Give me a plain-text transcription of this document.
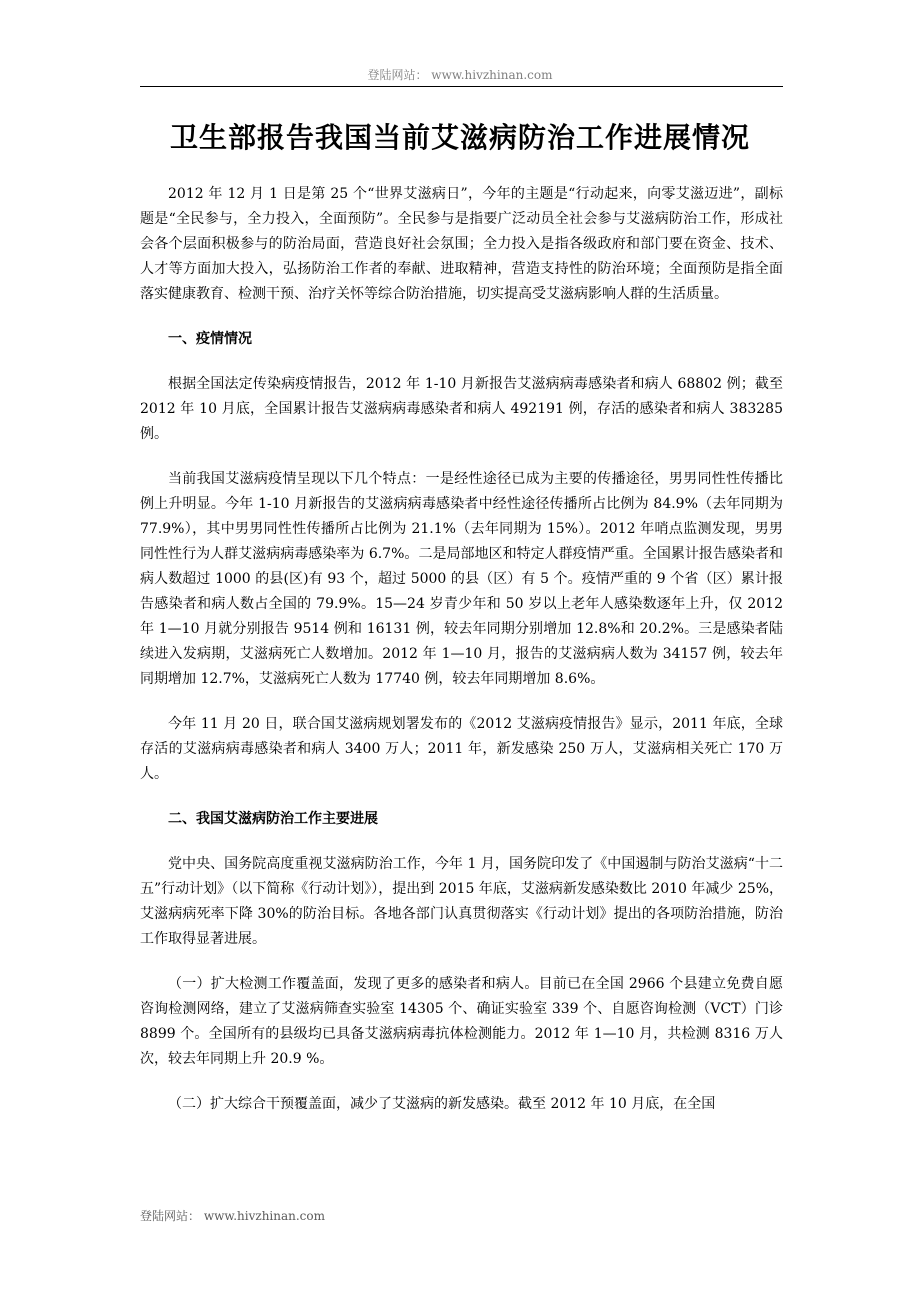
登陆网站： www.hivzhinan.com
卫生部报告我国当前艾滋病防治工作进展情况

2012 年 12 月 1 日是第 25 个“世界艾滋病日”，今年的主题是“行动起来，向零艾滋迈进”，副标题是“全民参与，全力投入，全面预防”。全民参与是指要广泛动员全社会参与艾滋病防治工作，形成社会各个层面积极参与的防治局面，营造良好社会氛围；全力投入是指各级政府和部门要在资金、技术、人才等方面加大投入，弘扬防治工作者的奉献、进取精神，营造支持性的防治环境；全面预防是指全面落实健康教育、检测干预、治疗关怀等综合防治措施，切实提高受艾滋病影响人群的生活质量。

一、疫情情况

根据全国法定传染病疫情报告，2012 年 1-10 月新报告艾滋病病毒感染者和病人 68802 例；截至 2012 年 10 月底，全国累计报告艾滋病病毒感染者和病人 492191 例，存活的感染者和病人 383285 例。

当前我国艾滋病疫情呈现以下几个特点：一是经性途径已成为主要的传播途径，男男同性性传播比例上升明显。今年 1-10 月新报告的艾滋病病毒感染者中经性途径传播所占比例为 84.9%（去年同期为 77.9%），其中男男同性性传播所占比例为 21.1%（去年同期为 15%）。2012 年哨点监测发现，男男同性性行为人群艾滋病病毒感染率为 6.7%。二是局部地区和特定人群疫情严重。全国累计报告感染者和病人数超过 1000 的县(区)有 93 个，超过 5000 的县（区）有 5 个。疫情严重的 9 个省（区）累计报告感染者和病人数占全国的 79.9%。15—24 岁青少年和 50 岁以上老年人感染数逐年上升，仅 2012 年 1—10 月就分别报告 9514 例和 16131 例，较去年同期分别增加 12.8%和 20.2%。三是感染者陆续进入发病期，艾滋病死亡人数增加。2012 年 1—10 月，报告的艾滋病病人数为 34157 例，较去年同期增加 12.7%，艾滋病死亡人数为 17740 例，较去年同期增加 8.6%。

今年 11 月 20 日，联合国艾滋病规划署发布的《2012 艾滋病疫情报告》显示，2011 年底，全球存活的艾滋病病毒感染者和病人 3400 万人；2011 年，新发感染 250 万人，艾滋病相关死亡 170 万人。

二、我国艾滋病防治工作主要进展

党中央、国务院高度重视艾滋病防治工作，今年 1 月，国务院印发了《中国遏制与防治艾滋病“十二五”行动计划》（以下简称《行动计划》），提出到 2015 年底，艾滋病新发感染数比 2010 年减少 25%，艾滋病病死率下降 30%的防治目标。各地各部门认真贯彻落实《行动计划》提出的各项防治措施，防治工作取得显著进展。

（一）扩大检测工作覆盖面，发现了更多的感染者和病人。目前已在全国 2966 个县建立免费自愿咨询检测网络，建立了艾滋病筛查实验室 14305 个、确证实验室 339 个、自愿咨询检测（VCT）门诊 8899 个。全国所有的县级均已具备艾滋病病毒抗体检测能力。2012 年 1—10 月，共检测 8316 万人次，较去年同期上升 20.9 %。

（二）扩大综合干预覆盖面，减少了艾滋病的新发感染。截至 2012 年 10 月底，在全国

登陆网站： www.hivzhinan.com
